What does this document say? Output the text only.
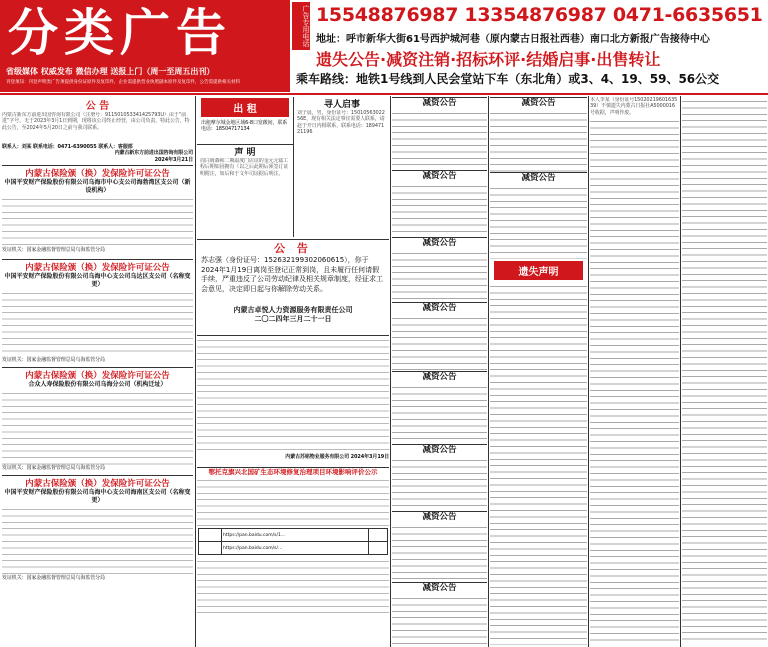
分类广告
省级媒体 权威发布 微信办理 送报上门（周一至周五出刊）
刊登须知：刊登声明类广告须提供身份证原件及复印件，企业需提供营业执照副本原件及复印件，公告需提供相关材料
广告专用电话 15548876987 13354876987 0471-6635651
地址：呼市新华大街61号西护城河巷（原内蒙古日报社西巷）南口北方新报广告接待中心
遗失公告·减资注销·招标环评·结婚启事·出售转让
乘车路线：地铁1号线到人民会堂站下车（东北角）或3、4、19、59、56公交
公 告
内蒙古新东方前进出国咨询有限公司（注册号：911501053341425793U）由于“前进”字号，无于2023年3月1日到期，现将该公司终止经营，由公司负责，特此公告，特此公告，至2024年5月20日之前与我司联系。
联系人：刘某 联系电话：0471-6390055 联系人：客服部
内蒙古新东方前进出国咨询有限公司
2024年3月21日
内蒙古保险颁（换）发保险许可证公告
中国平安财产保险股份有限公司乌海市中心支公司海勃湾区支公司（新设机构）
发证机关：国家金融监督管理总局乌海监管分局
内蒙古保险颁（换）发保险许可证公告
中国平安财产保险股份有限公司乌海中心支公司乌达区支公司（名称变更）
发证机关：国家金融监督管理总局乌海监管分局
内蒙古保险颁（换）发保险许可证公告
合众人寿保险股份有限公司乌海分公司（机构迁址）
发证机关：国家金融监督管理总局乌海监管分局
内蒙古保险颁（换）发保险许可证公告
中国平安财产保险股份有限公司乌海中心支公司海南区支公司（名称变更）
发证机关：国家金融监督管理总局乌海监管分局
出 租
出租摩尔城金地区域6-8口宽敞间，联系电话：18504717134
声 明
周白姆森和二期温度门店证的金元元镭工程后期如因拥有（以之后此期后须签订证明附注，如后和于文年司证据后明注。
寻人启事
刘子晨，男，身份证号：1501056302256E，现有相关法定事宜需要人联系，请赵于开日内相联系，联系电话：18947121196
公 告
苏志强（身份证号：152632199302060615），你于2024年1月19日离岗至登记正常到岗，且未履行任何请假手续，严重违反了公司劳动纪律及相关规章制度，经征求工会意见，决定即日起与你解除劳动关系。
内蒙古卓悦人力资源服务有限责任公司
二〇二四年三月二十一日
内蒙古苏铭物业服务有限公司 2024年3月19日
鄂托克旗兴北国矿生态环境修复治理项目环境影响评价公示
	https://pan.baidu.com/s/1...	
	https://pan.baidu.com/s/...	
减资公告
减资公告
减资公告
减资公告
减资公告
减资公告
减资公告
减资公告
减资公告
减资公告
遗失声明
本人李某（身份证号1502021960163539）不慎遗失内蒙古日报社A5000016号收据，声明作废。
